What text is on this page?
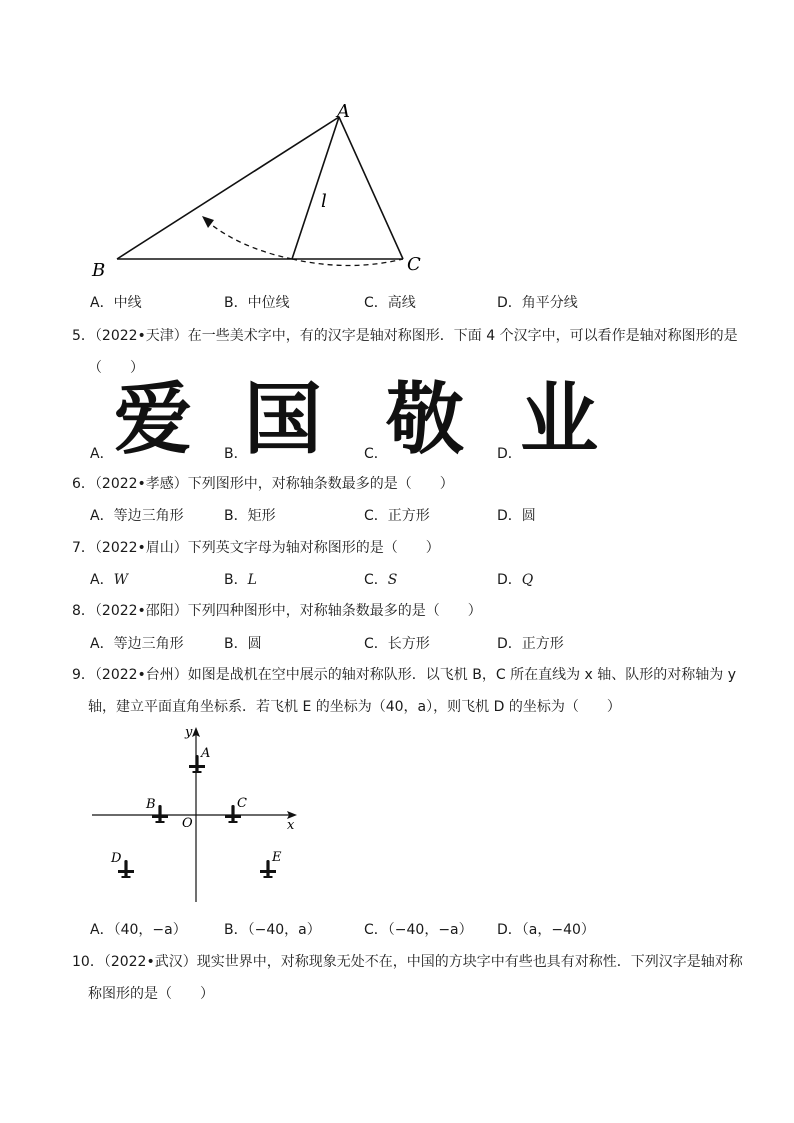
A
B	C
l
A．中线	B．中位线	C．高线	D．角平分线
5．（2022•天津）在一些美术字中，有的汉字是轴对称图形．下面 4 个汉字中，可以看作是轴对称图形的是
（　　）
A． 爱 B．
国	C．
敬 D．
业
6．（2022•孝感）下列图形中，对称轴条数最多的是（　　）
A．等边三角形	B．矩形	C．正方形	D．圆
7．（2022•眉山）下列英文字母为轴对称图形的是（　　）
A．W	B．L	C．S	D．Q
8．（2022•邵阳）下列四种图形中，对称轴条数最多的是（　　）
A．等边三角形	B．圆	C．长方形	D．正方形
9．（2022•台州）如图是战机在空中展示的轴对称队形．以飞机 B，C 所在直线为 x 轴、队形的对称轴为 y
轴，建立平面直角坐标系．若飞机 E 的坐标为（40，a），则飞机 D 的坐标为（　　）
y
x
O
A
B	C
D	E
A．（40，−a）	B．（−40，a）	C．（−40，−a） D．（a，−40）
10．（2022•武汉）现实世界中，对称现象无处不在，中国的方块字中有些也具有对称性．下列汉字是轴对称
称图形的是（　　）
